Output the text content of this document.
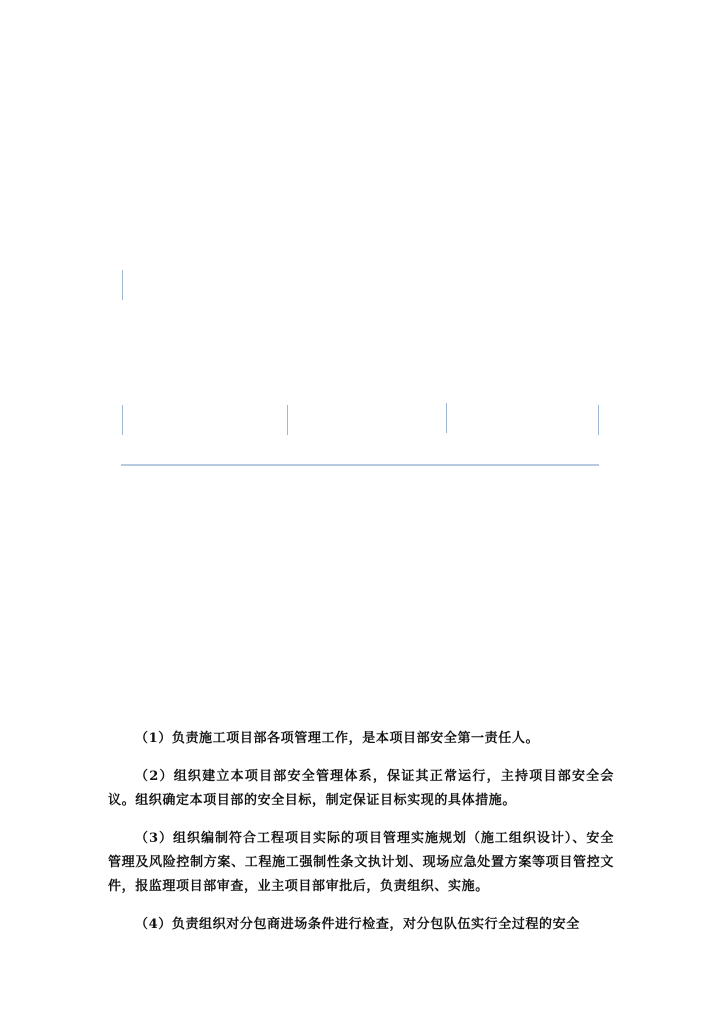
（1）负责施工项目部各项管理工作，是本项目部安全第一责任人。

（2）组织建立本项目部安全管理体系，保证其正常运行，主持项目部安全会议。组织确定本项目部的安全目标，制定保证目标实现的具体措施。

（3）组织编制符合工程项目实际的项目管理实施规划（施工组织设计）、安全管理及风险控制方案、工程施工强制性条文执计划、现场应急处置方案等项目管控文件，报监理项目部审查，业主项目部审批后，负责组织、实施。

（4）负责组织对分包商进场条件进行检查，对分包队伍实行全过程的安全
